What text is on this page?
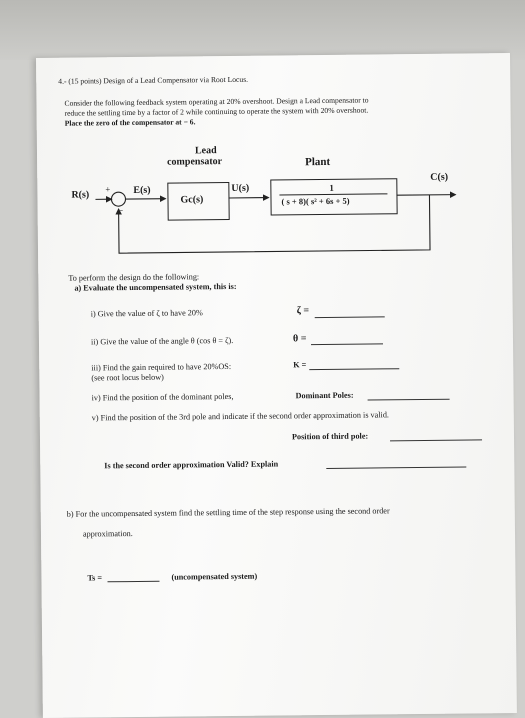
4.- (15 points) Design of a Lead Compensator via Root Locus.
Consider the following feedback system operating at 20% overshoot. Design a Lead compensator to
reduce the settling time by a factor of 2 while continuing to operate the system with 20% overshoot.
Place the zero of the compensator at − 6.
Lead
compensator	Plant
R(s)
+ E(s)	U(s)
C(s)
−
Gc(s)
1
( s + 8)( s² + 6s + 5)
To perform the design do the following:
a) Evaluate the uncompensated system, this is:
i) Give the value of ζ to have 20%	ζ =
ii) Give the value of the angle θ (cos θ = ζ).	θ =
iii) Find the gain required to have 20%OS:
(see root locus below)
K =
iv) Find the position of the dominant poles,	Dominant Poles:
v) Find the position of the 3rd pole and indicate if the second order approximation is valid.
Position of third pole:
Is the second order approximation Valid? Explain
b) For the uncompensated system find the settling time of the step response using the second order
approximation.
Ts =	(uncompensated system)
